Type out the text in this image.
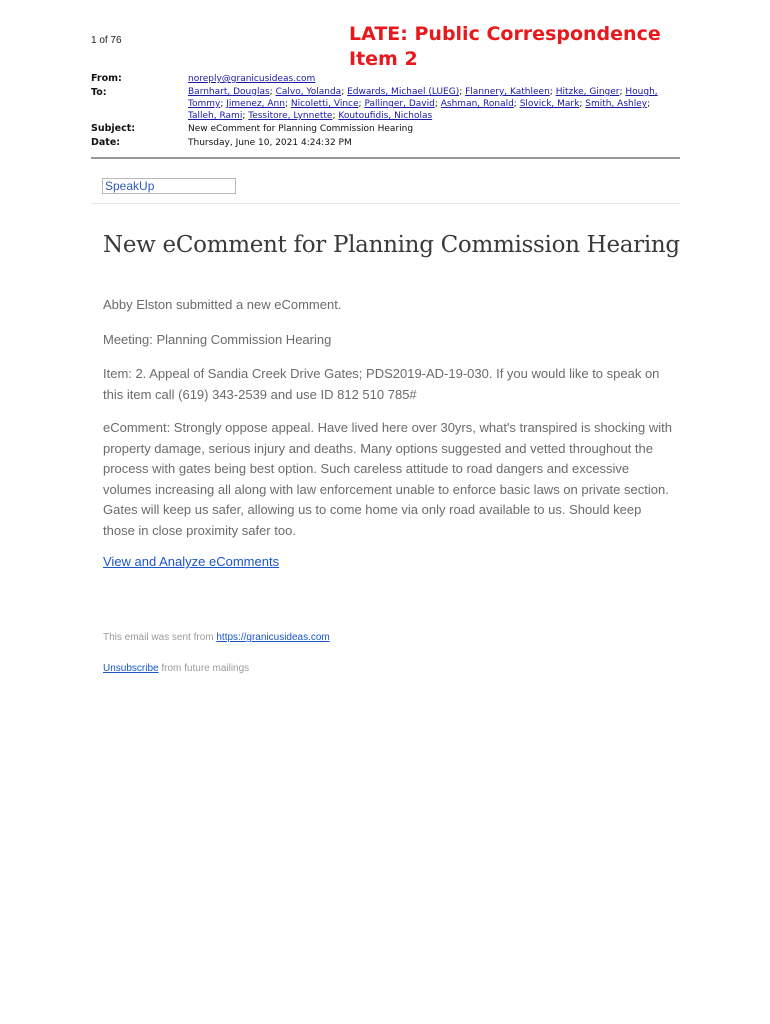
1 of 76	LATE: Public Correspondence
Item 2
From:	noreply@granicusideas.com
To:	Barnhart, Douglas; Calvo, Yolanda; Edwards, Michael (LUEG); Flannery, Kathleen; Hitzke, Ginger; Hough, Tommy; Jimenez, Ann; Nicoletti, Vince; Pallinger, David; Ashman, Ronald; Slovick, Mark; Smith, Ashley; Talleh, Rami; Tessitore, Lynnette; Koutoufidis, Nicholas
Subject:	New eComment for Planning Commission Hearing
Date:	Thursday, June 10, 2021 4:24:32 PM
SpeakUp
New eComment for Planning Commission Hearing
Abby Elston submitted a new eComment.
Meeting: Planning Commission Hearing
Item: 2. Appeal of Sandia Creek Drive Gates; PDS2019-AD-19-030. If you would like to speak on this item call (619) 343-2539 and use ID 812 510 785#
eComment: Strongly oppose appeal. Have lived here over 30yrs, what's transpired is shocking with property damage, serious injury and deaths. Many options suggested and vetted throughout the process with gates being best option. Such careless attitude to road dangers and excessive volumes increasing all along with law enforcement unable to enforce basic laws on private section. Gates will keep us safer, allowing us to come home via only road available to us. Should keep those in close proximity safer too.
View and Analyze eComments
This email was sent from https://granicusideas.com
Unsubscribe from future mailings
